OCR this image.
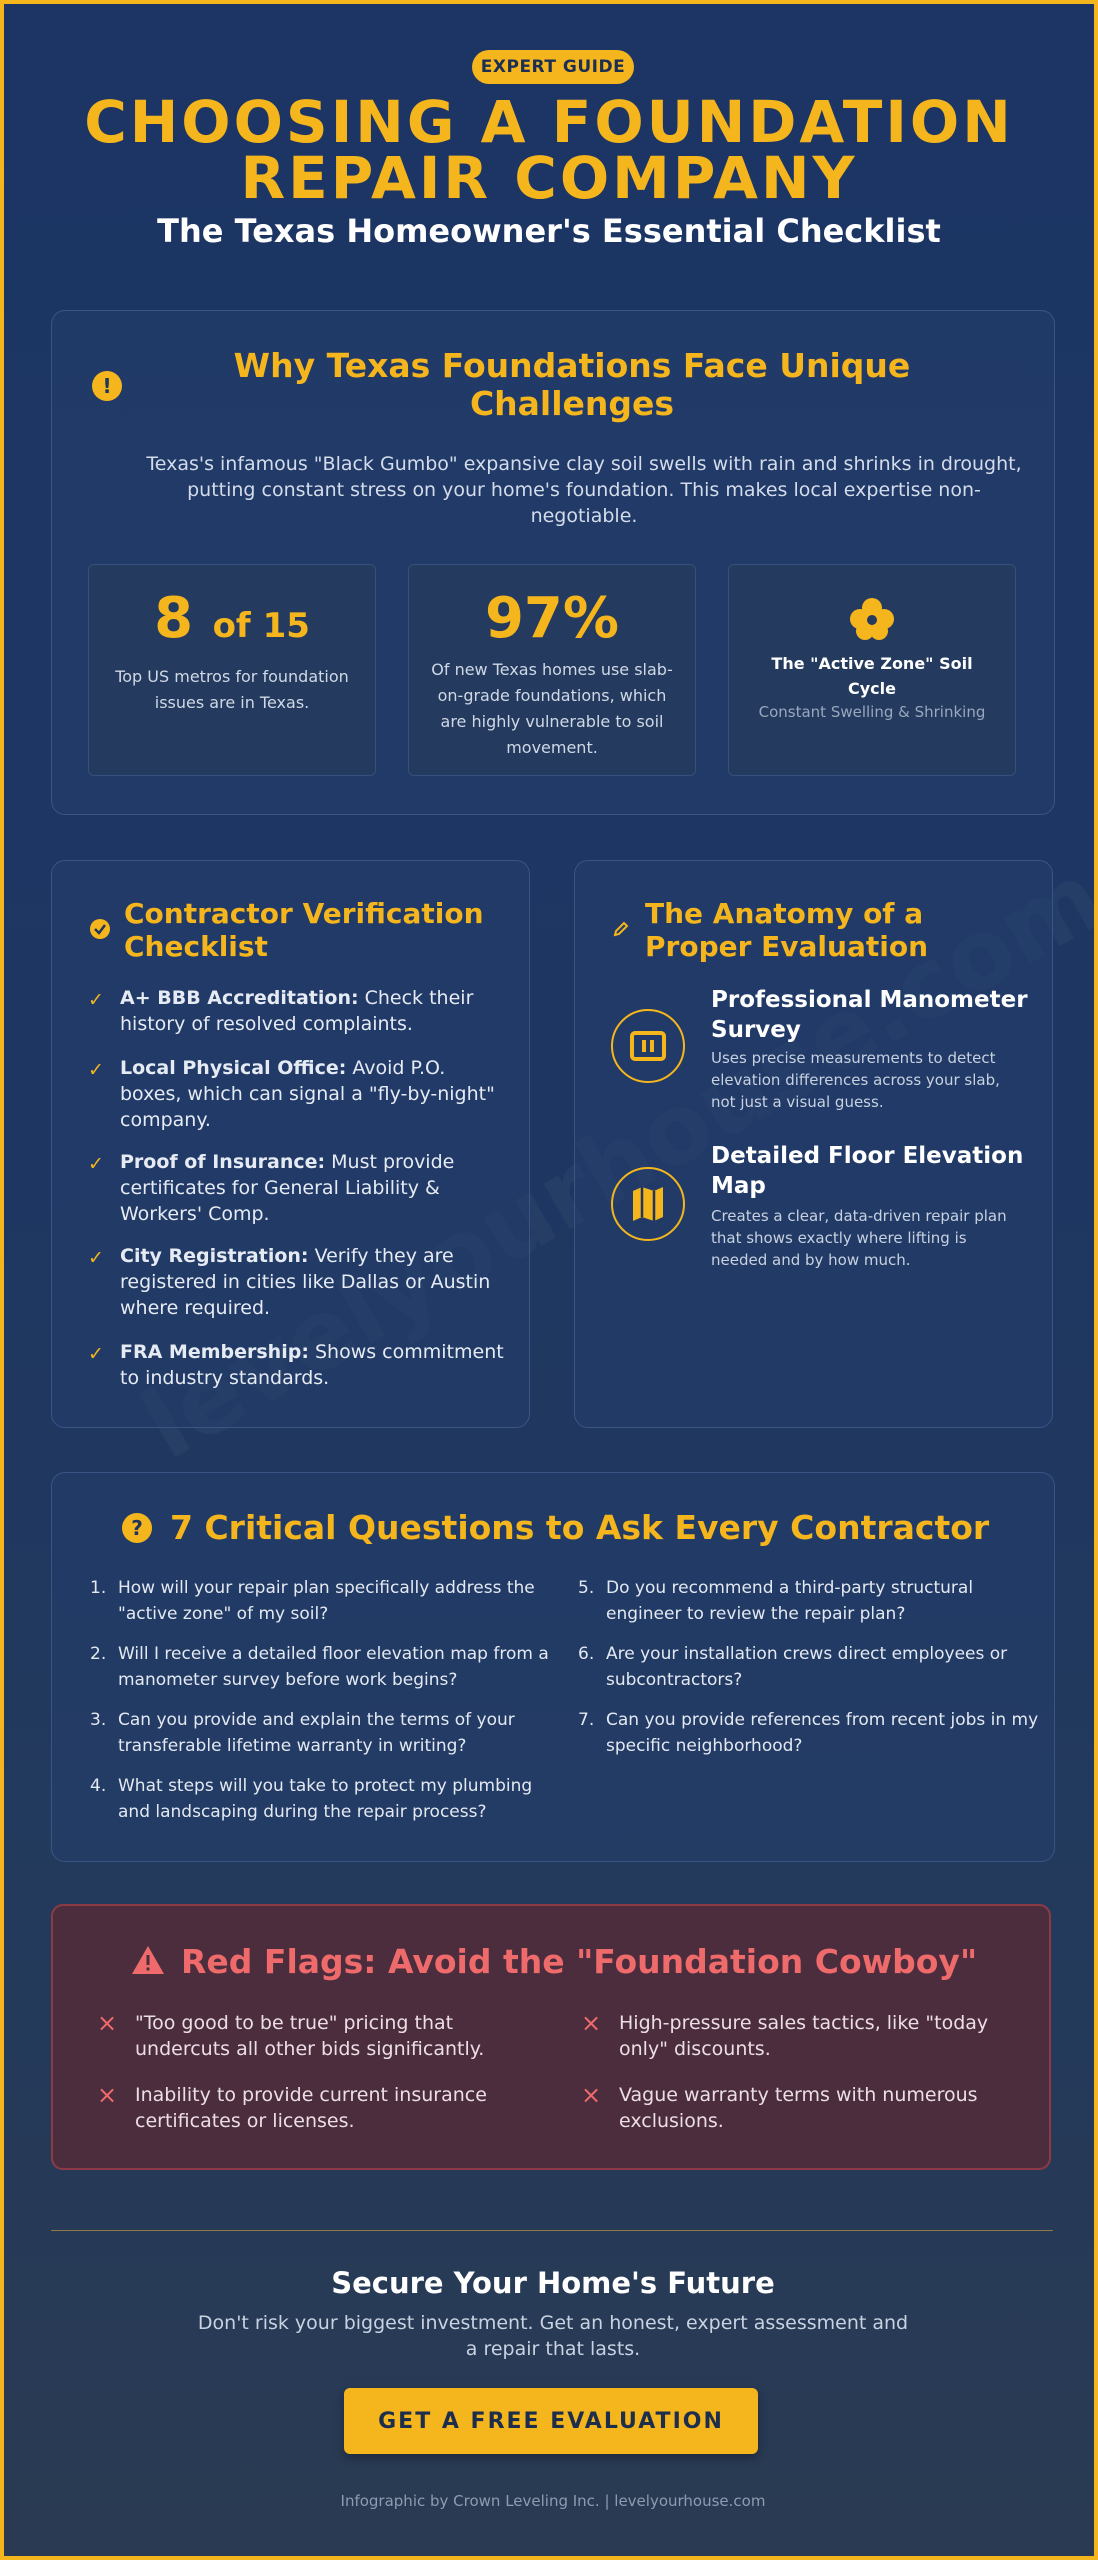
EXPERT GUIDE
CHOOSING A FOUNDATION
REPAIR COMPANY
The Texas Homeowner's Essential Checklist
!
Why Texas Foundations Face Unique Challenges

Texas's infamous "Black Gumbo" expansive clay soil swells with rain and shrinks in drought, putting constant stress on your home's foundation. This makes local expertise non-negotiable.

8 of 15
Top US metros for foundation issues are in Texas.
97%
Of new Texas homes use slab-on-grade foundations, which are highly vulnerable to soil movement.
The "Active Zone" Soil Cycle
Constant Swelling & Shrinking
Contractor Verification Checklist
✓ A+ BBB Accreditation: Check their history of resolved complaints.
✓ Local Physical Office: Avoid P.O. boxes, which can signal a "fly-by-night" company.
✓ Proof of Insurance: Must provide certificates for General Liability & Workers' Comp.
✓ City Registration: Verify they are registered in cities like Dallas or Austin where required.
✓ FRA Membership: Shows commitment to industry standards.
The Anatomy of a Proper Evaluation
Professional Manometer Survey
Uses precise measurements to detect elevation differences across your slab, not just a visual guess.
Detailed Floor Elevation Map
Creates a clear, data-driven repair plan that shows exactly where lifting is needed and by how much.
? 7 Critical Questions to Ask Every Contractor
1. How will your repair plan specifically address the "active zone" of my soil?
2. Will I receive a detailed floor elevation map from a manometer survey before work begins?
3. Can you provide and explain the terms of your transferable lifetime warranty in writing?
4. What steps will you take to protect my plumbing and landscaping during the repair process?
5. Do you recommend a third-party structural engineer to review the repair plan?
6. Are your installation crews direct employees or subcontractors?
7. Can you provide references from recent jobs in my specific neighborhood?
Red Flags: Avoid the "Foundation Cowboy"
× "Too good to be true" pricing that undercuts all other bids significantly.
× Inability to provide current insurance certificates or licenses.
× High-pressure sales tactics, like "today only" discounts.
× Vague warranty terms with numerous exclusions.
Secure Your Home's Future
Don't risk your biggest investment. Get an honest, expert assessment and a repair that lasts.
GET A FREE EVALUATION
Infographic by Crown Leveling Inc. | levelyourhouse.com
